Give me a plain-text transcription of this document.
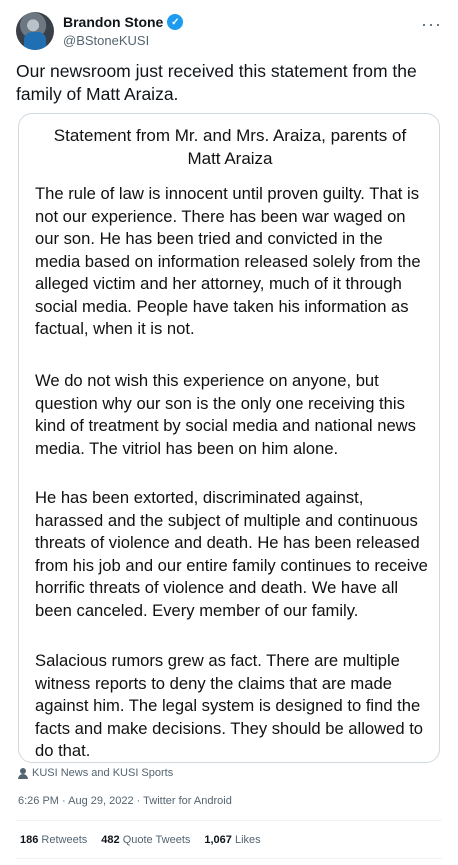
Brandon Stone ✓
@BStoneKUSI
···
Our newsroom just received this statement from the family of Matt Araiza.
Statement from Mr. and Mrs. Araiza, parents of Matt Araiza
The rule of law is innocent until proven guilty. That is not our experience. There has been war waged on our son. He has been tried and convicted in the media based on information released solely from the alleged victim and her attorney, much of it through social media. People have taken his information as factual, when it is not.
We do not wish this experience on anyone, but question why our son is the only one receiving this kind of treatment by social media and national news media. The vitriol has been on him alone.
He has been extorted, discriminated against, harassed and the subject of multiple and continuous threats of violence and death. He has been released from his job and our entire family continues to receive horrific threats of violence and death. We have all been canceled. Every member of our family.
Salacious rumors grew as fact. There are multiple witness reports to deny the claims that are made against him. The legal system is designed to find the facts and make decisions. They should be allowed to do that.
KUSI News and KUSI Sports
6:26 PM · Aug 29, 2022 · Twitter for Android
186 Retweets 482 Quote Tweets 1,067 Likes
